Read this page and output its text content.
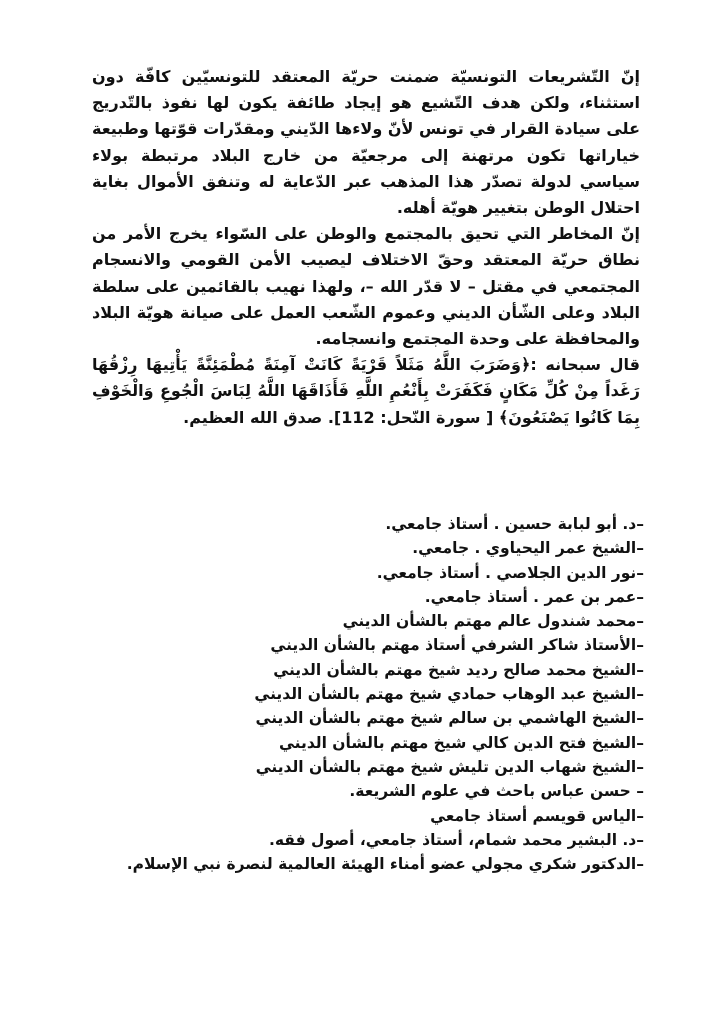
إنّ التّشريعات التونسيّة ضمنت حريّة المعتقد للتونسيّين كافّة دون استثناء، ولكن هدف التّشيع هو إيجاد طائفة يكون لها نفوذ بالتّدريج على سيادة القرار في تونس لأنّ ولاءها الدّيني ومقدّرات قوّتها وطبيعة خياراتها تكون مرتهنة إلى مرجعيّة من خارج البلاد مرتبطة بولاء سياسي لدولة تصدّر هذا المذهب عبر الدّعاية له وتنفق الأموال بغاية احتلال الوطن بتغيير هويّة أهله.
إنّ المخاطر التي تحيق بالمجتمع والوطن على السّواء يخرج الأمر من نطاق حريّة المعتقد وحقّ الاختلاف ليصيب الأمن القومي والانسجام المجتمعي في مقتل – لا قدّر الله –، ولهذا نهيب بالقائمين على سلطة البلاد وعلى الشّأن الديني وعموم الشّعب العمل على صيانة هويّة البلاد والمحافظة على وحدة المجتمع وانسجامه.
قال سبحانه :﴿وَضَرَبَ اللَّهُ مَثَلاً قَرْيَةً كَانَتْ آمِنَةً مُطْمَئِنَّةً يَأْتِيهَا رِزْقُهَا رَغَداً مِنْ كُلِّ مَكَانٍ فَكَفَرَتْ بِأَنْعُمِ اللَّهِ فَأَذَاقَهَا اللَّهُ لِبَاسَ الْجُوعِ وَالْخَوْفِ بِمَا كَانُوا يَصْنَعُونَ﴾ [ سورة النّحل: 112]. صدق الله العظيم.
–د. أبو لبابة حسين . أستاذ جامعي.
–الشيخ عمر اليحياوي . جامعي.
–نور الدين الجلاصي . أستاذ جامعي.
–عمر بن عمر . أستاذ جامعي.
–محمد شندول عالم مهتم بالشأن الديني
–الأستاذ شاكر الشرفي أستاذ مهتم بالشأن الديني
–الشيخ محمد صالح رديد شيخ مهتم بالشأن الديني
–الشيخ عبد الوهاب حمادي شيخ مهتم بالشأن الديني
–الشيخ الهاشمي بن سالم شيخ مهتم بالشأن الديني
–الشيخ فتح الدين كالي شيخ مهتم بالشأن الديني
–الشيخ شهاب الدين تليش شيخ مهتم بالشأن الديني
– حسن عباس باحث في علوم الشريعة.
–الياس قويسم أستاذ جامعي
–د. البشير محمد شمام، أستاذ جامعي، أصول فقه.
–الدكتور شكري مجولي عضو أمناء الهيئة العالمية لنصرة نبي الإسلام.
